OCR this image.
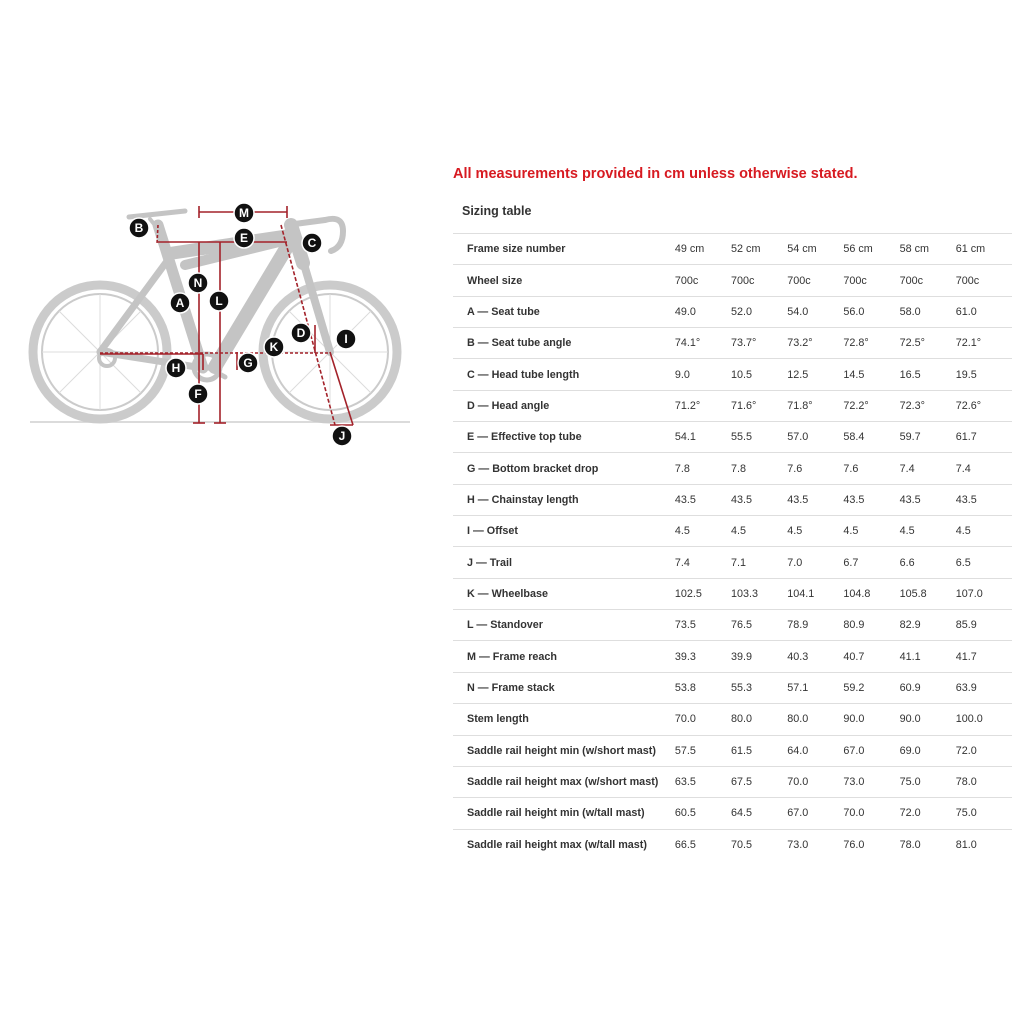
A
B
C
D
E
F
G
H
I
J
K
L
M
N
All measurements provided in cm unless otherwise stated.
Sizing table
Frame size number	49 cm	52 cm	54 cm	56 cm	58 cm	61 cm
Wheel size	700c	700c	700c	700c	700c	700c
A — Seat tube	49.0	52.0	54.0	56.0	58.0	61.0
B — Seat tube angle	74.1°	73.7°	73.2°	72.8°	72.5°	72.1°
C — Head tube length	9.0	10.5	12.5	14.5	16.5	19.5
D — Head angle	71.2°	71.6°	71.8°	72.2°	72.3°	72.6°
E — Effective top tube	54.1	55.5	57.0	58.4	59.7	61.7
G — Bottom bracket drop	7.8	7.8	7.6	7.6	7.4	7.4
H — Chainstay length	43.5	43.5	43.5	43.5	43.5	43.5
I — Offset	4.5	4.5	4.5	4.5	4.5	4.5
J — Trail	7.4	7.1	7.0	6.7	6.6	6.5
K — Wheelbase	102.5	103.3	104.1	104.8	105.8	107.0
L — Standover	73.5	76.5	78.9	80.9	82.9	85.9
M — Frame reach	39.3	39.9	40.3	40.7	41.1	41.7
N — Frame stack	53.8	55.3	57.1	59.2	60.9	63.9
Stem length	70.0	80.0	80.0	90.0	90.0	100.0
Saddle rail height min (w/short mast)	57.5	61.5	64.0	67.0	69.0	72.0
Saddle rail height max (w/short mast)	63.5	67.5	70.0	73.0	75.0	78.0
Saddle rail height min (w/tall mast)	60.5	64.5	67.0	70.0	72.0	75.0
Saddle rail height max (w/tall mast)	66.5	70.5	73.0	76.0	78.0	81.0
